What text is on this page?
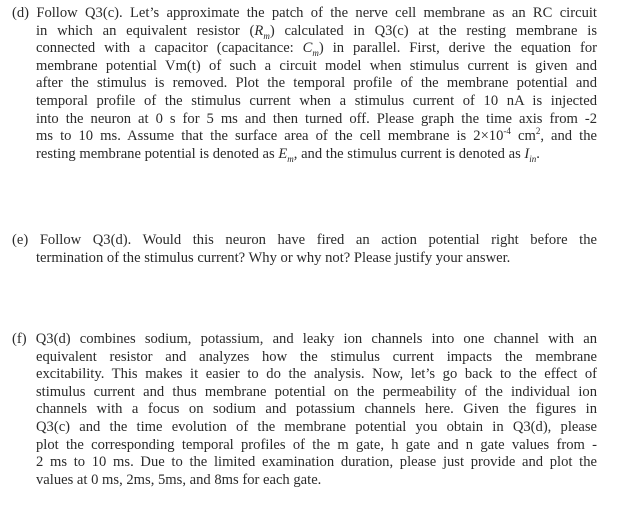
(d) Follow Q3(c). Let’s approximate the patch of the nerve cell membrane as an RC circuit
in which an equivalent resistor $(R_m)$ calculated in Q3(c) at the resting membrane is
connected with a capacitor (capacitance: $C_m$) in parallel. First, derive the equation for
membrane potential Vm(t) of such a circuit model when stimulus current is given and
after the stimulus is removed. Plot the temporal profile of the membrane potential and
temporal profile of the stimulus current when a stimulus current of 10 nA is injected
into the neuron at 0 s for 5 ms and then turned off. Please graph the time axis from -2
ms to 10 ms. Assume that the surface area of the cell membrane is $2\times 10^{-4}$ $cm^2$, and the
resting membrane potential is denoted as $E_m$, and the stimulus current is denoted as $I_{in}$.
(e) Follow Q3(d). Would this neuron have fired an action potential right before the
termination of the stimulus current? Why or why not? Please justify your answer.
(f) Q3(d) combines sodium, potassium, and leaky ion channels into one channel with an
equivalent resistor and analyzes how the stimulus current impacts the membrane
excitability. This makes it easier to do the analysis. Now, let’s go back to the effect of
stimulus current and thus membrane potential on the permeability of the individual ion
channels with a focus on sodium and potassium channels here. Given the figures in
Q3(c) and the time evolution of the membrane potential you obtain in Q3(d), please
plot the corresponding temporal profiles of the m gate, h gate and n gate values from -
2 ms to 10 ms. Due to the limited examination duration, please just provide and plot the
values at 0 ms, 2ms, 5ms, and 8ms for each gate.
